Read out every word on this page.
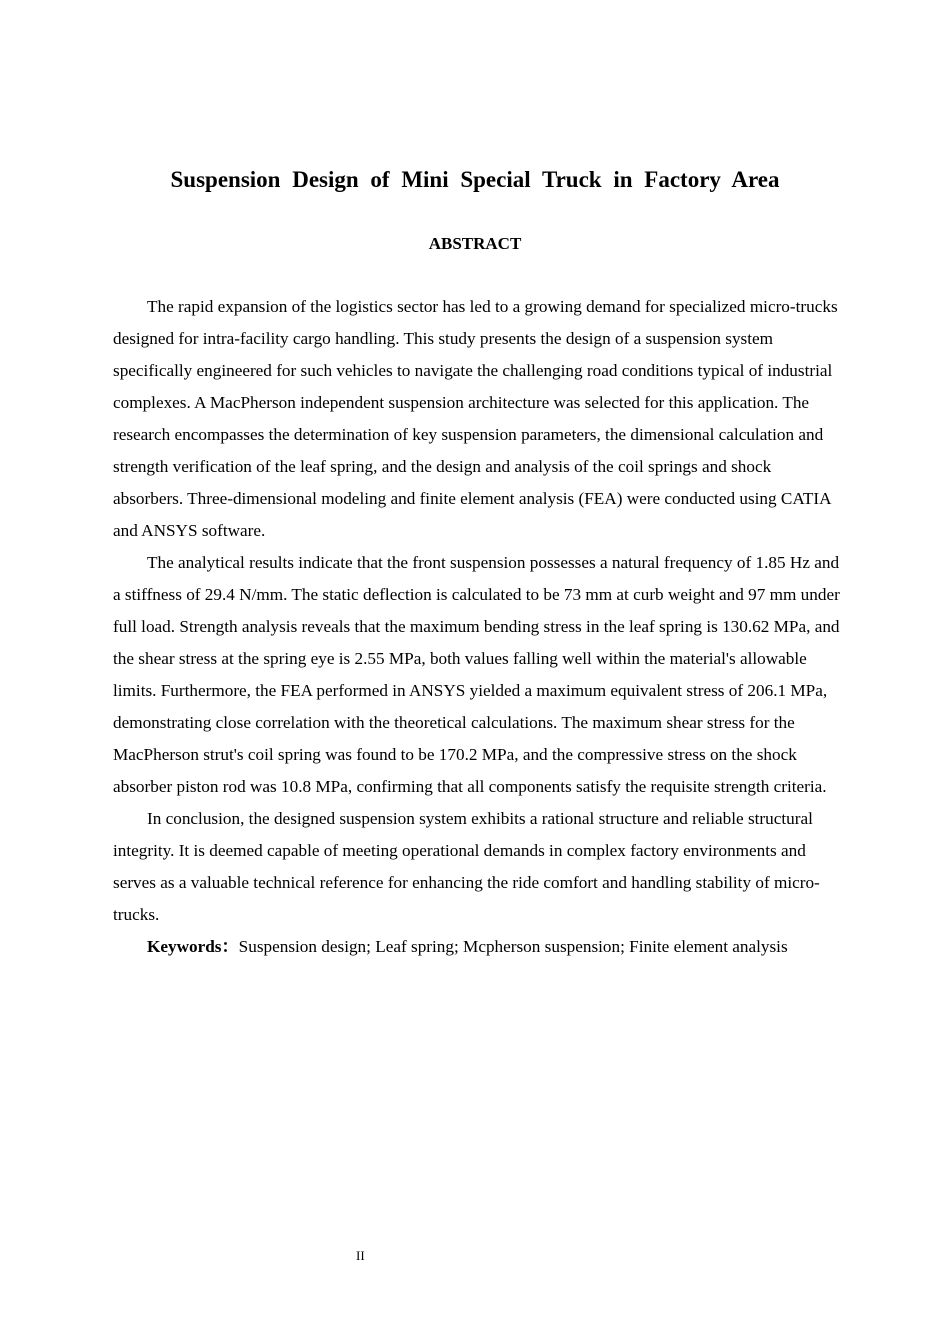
Suspension Design of Mini Special Truck in Factory Area
ABSTRACT

The rapid expansion of the logistics sector has led to a growing demand for specialized micro-trucks designed for intra-facility cargo handling. This study presents the design of a suspension system specifically engineered for such vehicles to navigate the challenging road conditions typical of industrial complexes. A MacPherson independent suspension architecture was selected for this application. The research encompasses the determination of key suspension parameters, the dimensional calculation and strength verification of the leaf spring, and the design and analysis of the coil springs and shock absorbers. Three-dimensional modeling and finite element analysis (FEA) were conducted using CATIA and ANSYS software.

The analytical results indicate that the front suspension possesses a natural frequency of 1.85 Hz and a stiffness of 29.4 N/mm. The static deflection is calculated to be 73 mm at curb weight and 97 mm under full load. Strength analysis reveals that the maximum bending stress in the leaf spring is 130.62 MPa, and the shear stress at the spring eye is 2.55 MPa, both values falling well within the material's allowable limits. Furthermore, the FEA performed in ANSYS yielded a maximum equivalent stress of 206.1 MPa, demonstrating close correlation with the theoretical calculations. The maximum shear stress for the MacPherson strut's coil spring was found to be 170.2 MPa, and the compressive stress on the shock absorber piston rod was 10.8 MPa, confirming that all components satisfy the requisite strength criteria.

In conclusion, the designed suspension system exhibits a rational structure and reliable structural integrity. It is deemed capable of meeting operational demands in complex factory environments and serves as a valuable technical reference for enhancing the ride comfort and handling stability of micro-trucks.

Keywords：Suspension design; Leaf spring; Mcpherson suspension; Finite element analysis

II
